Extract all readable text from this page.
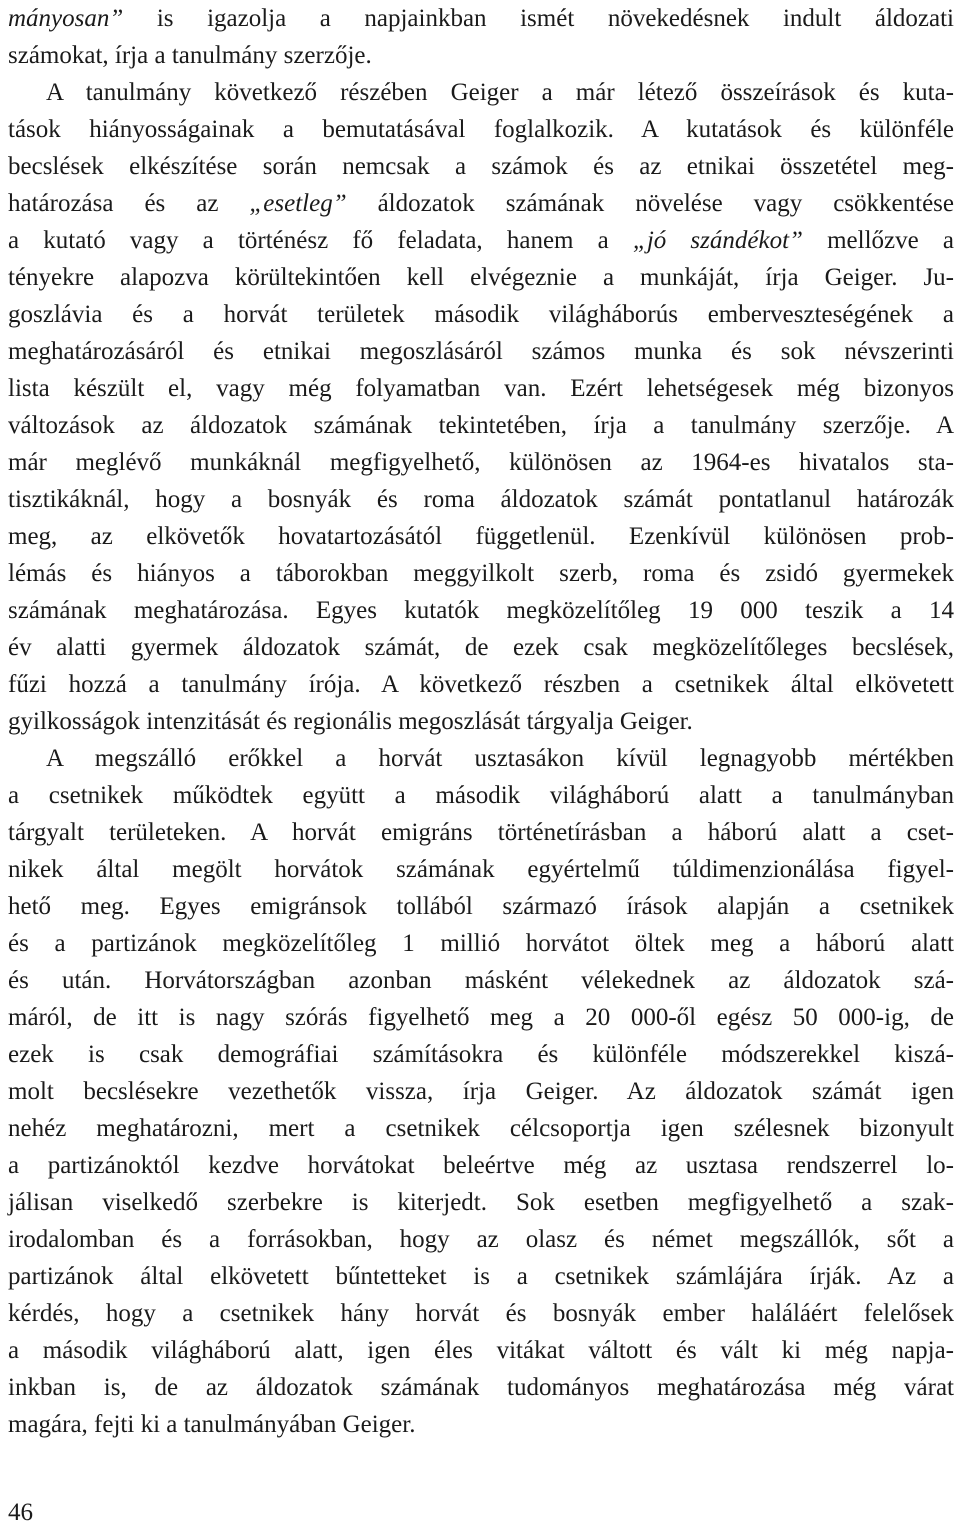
mányosan” is igazolja a napjainkban ismét növekedésnek indult áldozati
számokat, írja a tanulmány szerzője.
A tanulmány következő részében Geiger a már létező összeírások és kuta-
tások hiányosságainak a bemutatásával foglalkozik. A kutatások és különféle
becslések elkészítése során nemcsak a számok és az etnikai összetétel meg-
határozása és az „esetleg” áldozatok számának növelése vagy csökkentése
a kutató vagy a történész fő feladata, hanem a „jó szándékot” mellőzve a
tényekre alapozva körültekintően kell elvégeznie a munkáját, írja Geiger. Ju-
goszlávia és a horvát területek második világháborús emberveszteségének a
meghatározásáról és etnikai megoszlásáról számos munka és sok névszerinti
lista készült el, vagy még folyamatban van. Ezért lehetségesek még bizonyos
változások az áldozatok számának tekintetében, írja a tanulmány szerzője. A
már meglévő munkáknál megfigyelhető, különösen az 1964-es hivatalos sta-
tisztikáknál, hogy a bosnyák és roma áldozatok számát pontatlanul határozák
meg, az elkövetők hovatartozásától függetlenül. Ezenkívül különösen prob-
lémás és hiányos a táborokban meggyilkolt szerb, roma és zsidó gyermekek
számának meghatározása. Egyes kutatók megközelítőleg 19 000 teszik a 14
év alatti gyermek áldozatok számát, de ezek csak megközelítőleges becslések,
fűzi hozzá a tanulmány írója. A következő részben a csetnikek által elkövetett
gyilkosságok intenzitását és regionális megoszlását tárgyalja Geiger.
A megszálló erőkkel a horvát usztasákon kívül legnagyobb mértékben
a csetnikek működtek együtt a második világháború alatt a tanulmányban
tárgyalt területeken. A horvát emigráns történetírásban a háború alatt a cset-
nikek által megölt horvátok számának egyértelmű túldimenzionálása figyel-
hető meg. Egyes emigránsok tollából származó írások alapján a csetnikek
és a partizánok megközelítőleg 1 millió horvátot öltek meg a háború alatt
és után. Horvátországban azonban másként vélekednek az áldozatok szá-
máról, de itt is nagy szórás figyelhető meg a 20 000-ől egész 50 000-ig, de
ezek is csak demográfiai számításokra és különféle módszerekkel kiszá-
molt becslésekre vezethetők vissza, írja Geiger. Az áldozatok számát igen
nehéz meghatározni, mert a csetnikek célcsoportja igen szélesnek bizonyult
a partizánoktól kezdve horvátokat beleértve még az usztasa rendszerrel lo-
jálisan viselkedő szerbekre is kiterjedt. Sok esetben megfigyelhető a szak-
irodalomban és a forrásokban, hogy az olasz és német megszállók, sőt a
partizánok által elkövetett bűntetteket is a csetnikek számlájára írják. Az a
kérdés, hogy a csetnikek hány horvát és bosnyák ember haláláért felelősek
a második világháború alatt, igen éles vitákat váltott és vált ki még napja-
inkban is, de az áldozatok számának tudományos meghatározása még várat
magára, fejti ki a tanulmányában Geiger.
46
